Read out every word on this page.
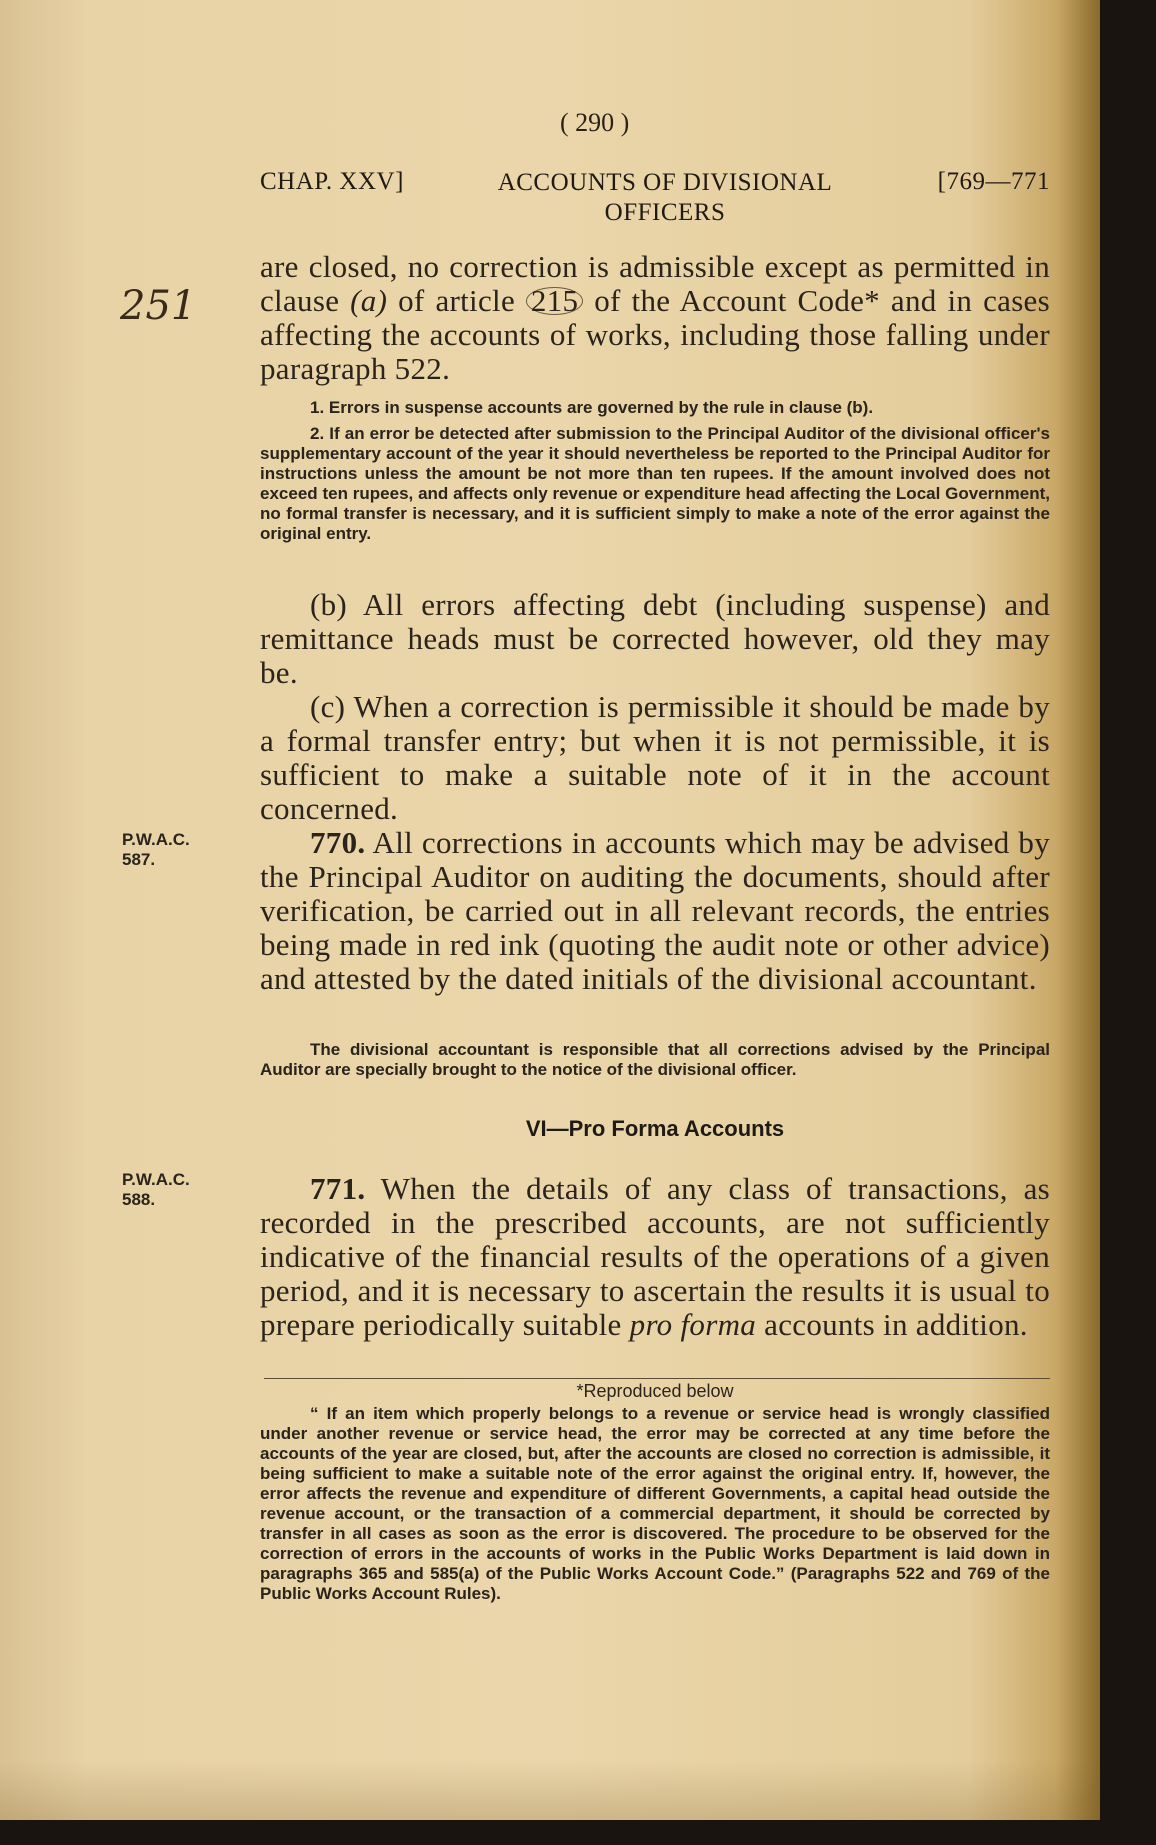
( 290 )
CHAP. XXV]	ACCOUNTS OF DIVISIONAL OFFICERS
[769—771
251
are closed, no correction is admissible except as permitted in clause (a) of article 215 of the Account Code* and in cases affecting the accounts of works, including those falling under paragraph 522.
1. Errors in suspense accounts are governed by the rule in clause (b).
2. If an error be detected after submission to the Principal Auditor of the divisional officer's supplementary account of the year it should nevertheless be reported to the Principal Auditor for instructions unless the amount be not more than ten rupees. If the amount involved does not exceed ten rupees, and affects only revenue or expenditure head affecting the Local Government, no formal transfer is necessary, and it is sufficient simply to make a note of the error against the original entry.
(b) All errors affecting debt (including suspense) and remittance heads must be corrected however, old they may be.
(c) When a correction is permissible it should be made by a formal transfer entry; but when it is not permissible, it is sufficient to make a suitable note of it in the account concerned.
P.W.A.C.
587.	770. All corrections in accounts which may be advised by the Principal Auditor on auditing the documents, should after verification, be carried out in all relevant records, the entries being made in red ink (quoting the audit note or other advice) and attested by the dated initials of the divisional accountant.
The divisional accountant is responsible that all corrections advised by the Principal Auditor are specially brought to the notice of the divisional officer.
VI—Pro Forma Accounts
P.W.A.C.
588.	771. When the details of any class of transactions, as recorded in the prescribed accounts, are not sufficiently indicative of the financial results of the operations of a given period, and it is necessary to ascertain the results it is usual to prepare periodically suitable pro forma accounts in addition.
*Reproduced below
“ If an item which properly belongs to a revenue or service head is wrongly classified under another revenue or service head, the error may be corrected at any time before the accounts of the year are closed, but, after the accounts are closed no correction is admissible, it being sufficient to make a suitable note of the error against the original entry. If, however, the error affects the revenue and expenditure of different Governments, a capital head outside the revenue account, or the transaction of a commercial department, it should be corrected by transfer in all cases as soon as the error is discovered. The procedure to be observed for the correction of errors in the accounts of works in the Public Works Department is laid down in paragraphs 365 and 585(a) of the Public Works Account Code.” (Paragraphs 522 and 769 of the Public Works Account Rules).
